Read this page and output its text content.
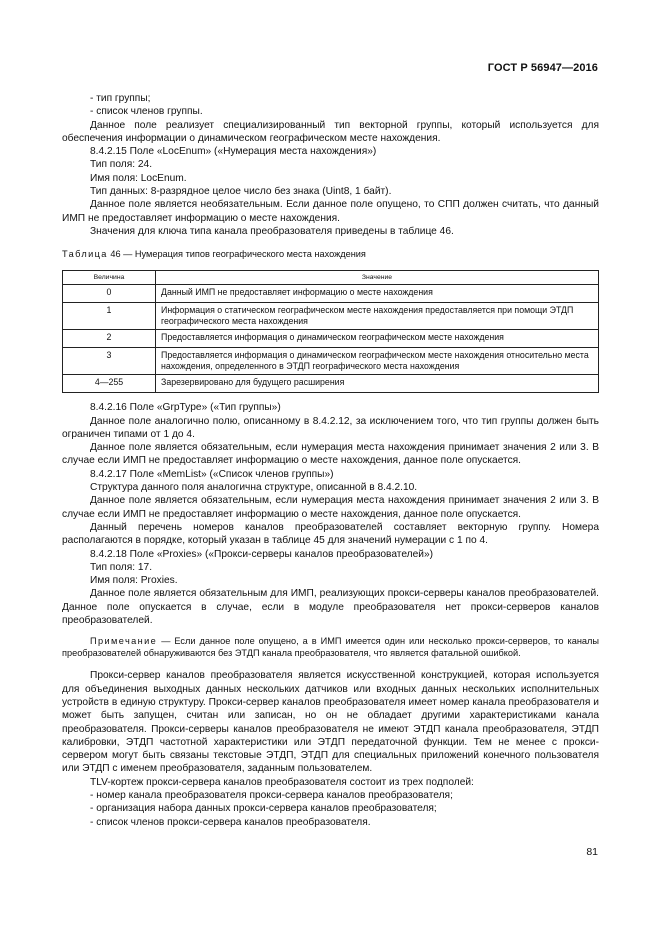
ГОСТ Р 56947—2016

- тип группы;

- список членов группы.

Данное поле реализует специализированный тип векторной группы, который используется для обеспечения информации о динамическом географическом месте нахождения.

8.4.2.15 Поле «LocEnum» («Нумерация места нахождения»)

Тип поля: 24.

Имя поля: LocEnum.

Тип данных: 8-разрядное целое число без знака (Uint8, 1 байт).

Данное поле является необязательным. Если данное поле опущено, то СПП должен считать, что данный ИМП не предоставляет информацию о месте нахождения.

Значения для ключа типа канала преобразователя приведены в таблице 46.

Таблица 46 — Нумерация типов географического места нахождения

Величина	Значение
0	Данный ИМП не предоставляет информацию о месте нахождения
1	Информация о статическом географическом месте нахождения предоставляется при помощи ЭТДП географического места нахождения
2	Предоставляется информация о динамическом географическом месте нахождения
3	Предоставляется информация о динамическом географическом месте нахождения относительно места нахождения, определенного в ЭТДП географического места нахождения
4—255	Зарезервировано для будущего расширения

8.4.2.16 Поле «GrpType» («Тип группы»)

Данное поле аналогично полю, описанному в 8.4.2.12, за исключением того, что тип группы должен быть ограничен типами от 1 до 4.

Данное поле является обязательным, если нумерация места нахождения принимает значения 2 или 3. В случае если ИМП не предоставляет информацию о месте нахождения, данное поле опускается.

8.4.2.17 Поле «MemList» («Список членов группы»)

Структура данного поля аналогична структуре, описанной в 8.4.2.10.

Данное поле является обязательным, если нумерация места нахождения принимает значения 2 или 3. В случае если ИМП не предоставляет информацию о месте нахождения, данное поле опускается.

Данный перечень номеров каналов преобразователей составляет векторную группу. Номера располагаются в порядке, который указан в таблице 45 для значений нумерации с 1 по 4.

8.4.2.18 Поле «Proxies» («Прокси-серверы каналов преобразователей»)

Тип поля: 17.

Имя поля: Proxies.

Данное поле является обязательным для ИМП, реализующих прокси-серверы каналов преобразователей. Данное поле опускается в случае, если в модуле преобразователя нет прокси-серверов каналов преобразователей.

Примечание — Если данное поле опущено, а в ИМП имеется один или несколько прокси-серверов, то каналы преобразователей обнаруживаются без ЭТДП канала преобразователя, что является фатальной ошибкой.

Прокси-сервер каналов преобразователя является искусственной конструкцией, которая используется для объединения выходных данных нескольких датчиков или входных данных нескольких исполнительных устройств в единую структуру. Прокси-сервер каналов преобразователя имеет номер канала преобразователя и может быть запущен, считан или записан, но он не обладает другими характеристиками канала преобразователя. Прокси-серверы каналов преобразователя не имеют ЭТДП канала преобразователя, ЭТДП калибровки, ЭТДП частотной характеристики или ЭТДП передаточной функции. Тем не менее с прокси-сервером могут быть связаны текстовые ЭТДП, ЭТДП для специальных приложений конечного пользователя или ЭТДП с именем преобразователя, заданным пользователем.

TLV-кортеж прокси-сервера каналов преобразователя состоит из трех подполей:

- номер канала преобразователя прокси-сервера каналов преобразователя;

- организация набора данных прокси-сервера каналов преобразователя;

- список членов прокси-сервера каналов преобразователя.

81
